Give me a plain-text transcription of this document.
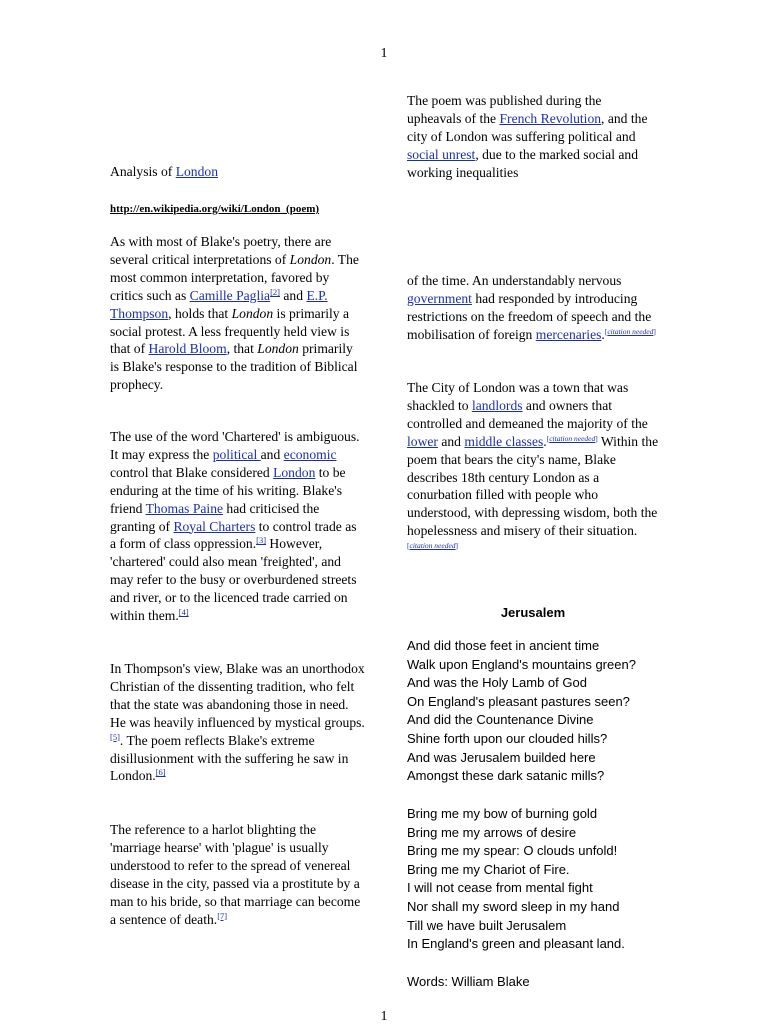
1
Analysis of London
http://en.wikipedia.org/wiki/London_(poem)

As with most of Blake's poetry, there are several critical interpretations of London. The most common interpretation, favored by critics such as Camille Paglia[2] and E.P. Thompson, holds that London is primarily a social protest. A less frequently held view is that of Harold Bloom, that London primarily is Blake's response to the tradition of Biblical prophecy.

The use of the word 'Chartered' is ambiguous. It may express the political and economic control that Blake considered London to be enduring at the time of his writing. Blake's friend Thomas Paine had criticised the granting of Royal Charters to control trade as a form of class oppression.[3] However, 'chartered' could also mean 'freighted', and may refer to the busy or overburdened streets and river, or to the licenced trade carried on within them.[4]

In Thompson's view, Blake was an unorthodox Christian of the dissenting tradition, who felt that the state was abandoning those in need. He was heavily influenced by mystical groups.[5]. The poem reflects Blake's extreme disillusionment with the suffering he saw in London.[6]

The reference to a harlot blighting the 'marriage hearse' with 'plague' is usually understood to refer to the spread of venereal disease in the city, passed via a prostitute by a man to his bride, so that marriage can become a sentence of death.[7]

The poem was published during the upheavals of the French Revolution, and the city of London was suffering political and social unrest, due to the marked social and working inequalities

of the time. An understandably nervous government had responded by introducing restrictions on the freedom of speech and the mobilisation of foreign mercenaries.[citation needed]

The City of London was a town that was shackled to landlords and owners that controlled and demeaned the majority of the lower and middle classes.[citation needed] Within the poem that bears the city's name, Blake describes 18th century London as a conurbation filled with people who understood, with depressing wisdom, both the hopelessness and misery of their situation.[citation needed]

Jerusalem
And did those feet in ancient time
Walk upon England's mountains green?
And was the Holy Lamb of God
On England's pleasant pastures seen?
And did the Countenance Divine
Shine forth upon our clouded hills?
And was Jerusalem builded here
Amongst these dark satanic mills?
Bring me my bow of burning gold
Bring me my arrows of desire
Bring me my spear: O clouds unfold!
Bring me my Chariot of Fire.
I will not cease from mental fight
Nor shall my sword sleep in my hand
Till we have built Jerusalem
In England's green and pleasant land.
Words: William Blake
1
